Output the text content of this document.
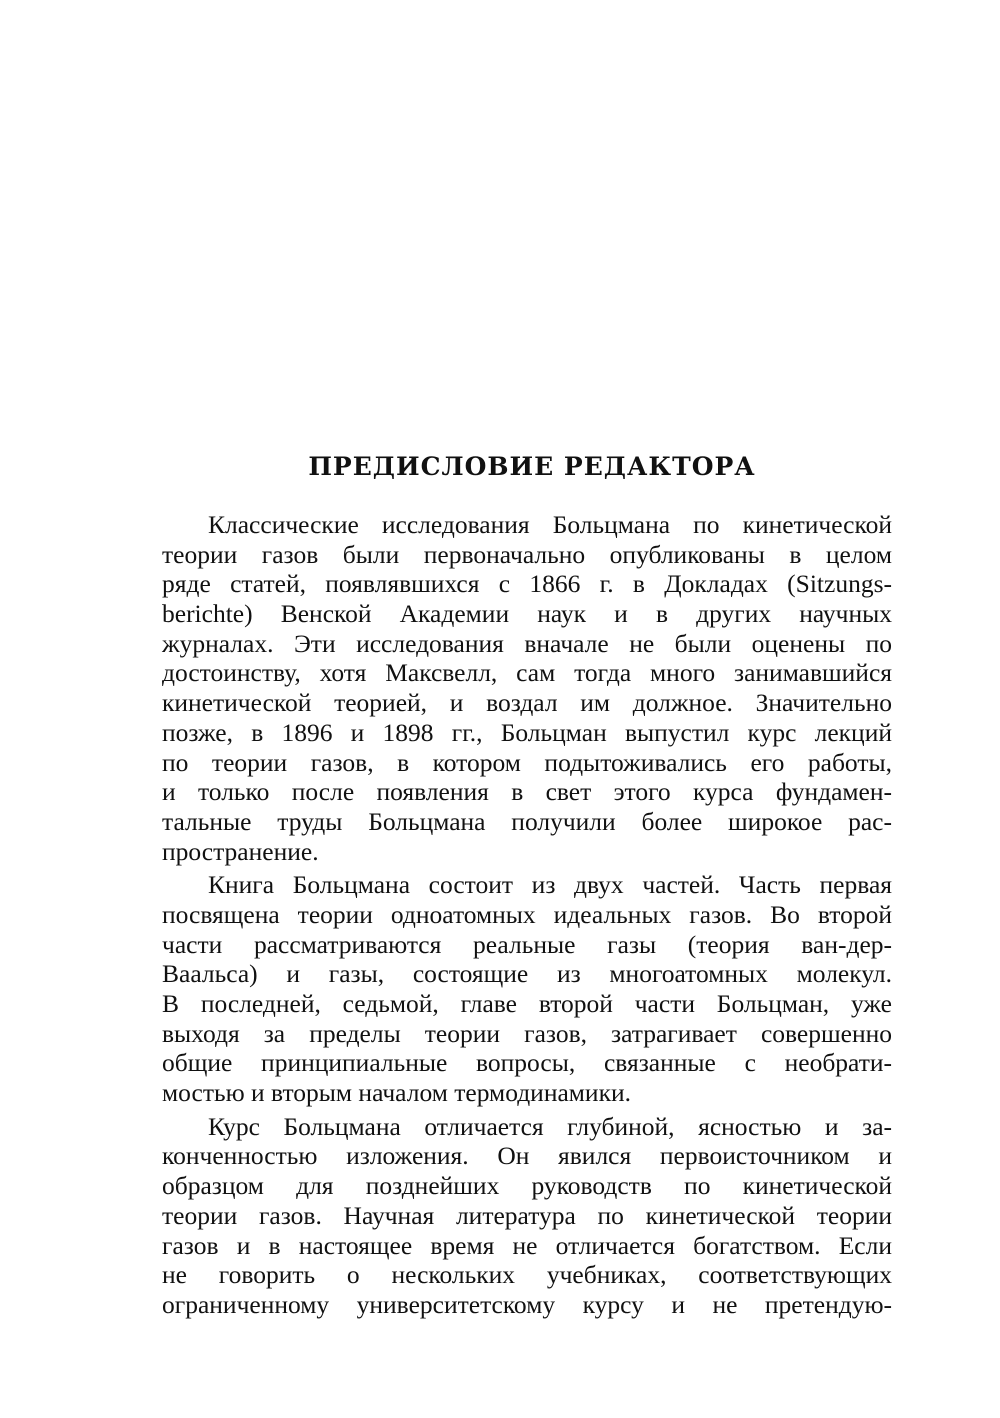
ПРЕДИСЛОВИЕ РЕДАКТОРА
Классические исследования Больцмана по кинетической
теории газов были первоначально опубликованы в целом
ряде статей, появлявшихся с 1866 г. в Докладах (Sitzungs-
berichte) Венской Академии наук и в других научных
журналах. Эти исследования вначале не были оценены по
достоинству, хотя Максвелл, сам тогда много занимавшийся
кинетической теорией, и воздал им должное. Значительно
позже, в 1896 и 1898 гг., Больцман выпустил курс лекций
по теории газов, в котором подытоживались его работы,
и только после появления в свет этого курса фундамен-
тальные труды Больцмана получили более широкое рас-
пространение.
Книга Больцмана состоит из двух частей. Часть первая
посвящена теории одноатомных идеальных газов. Во второй
части рассматриваются реальные газы (теория ван-дер-
Ваальса) и газы, состоящие из многоатомных молекул.
В последней, седьмой, главе второй части Больцман, уже
выходя за пределы теории газов, затрагивает совершенно
общие принципиальные вопросы, связанные с необрати-
мостью и вторым началом термодинамики.
Курс Больцмана отличается глубиной, ясностью и за-
конченностью изложения. Он явился первоисточником и
образцом для позднейших руководств по кинетической
теории газов. Научная литература по кинетической теории
газов и в настоящее время не отличается богатством. Если
не говорить о нескольких учебниках, соответствующих
ограниченному университетскому курсу и не претендую-
